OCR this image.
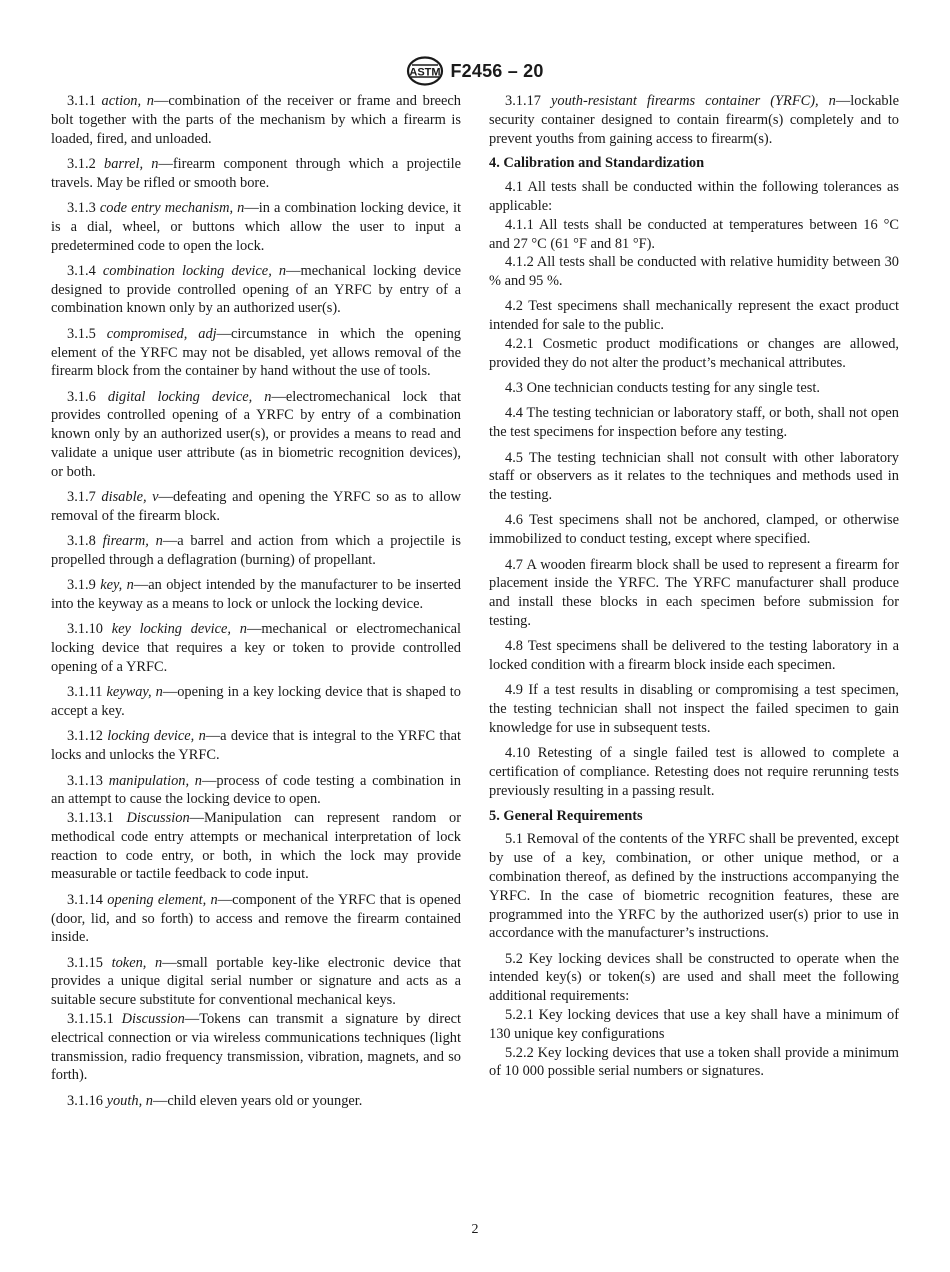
ASTM F2456 – 20

3.1.1 action, n—combination of the receiver or frame and breech bolt together with the parts of the mechanism by which a firearm is loaded, fired, and unloaded.

3.1.2 barrel, n—firearm component through which a projectile travels. May be rifled or smooth bore.

3.1.3 code entry mechanism, n—in a combination locking device, it is a dial, wheel, or buttons which allow the user to input a predetermined code to open the lock.

3.1.4 combination locking device, n—mechanical locking device designed to provide controlled opening of an YRFC by entry of a combination known only by an authorized user(s).

3.1.5 compromised, adj—circumstance in which the opening element of the YRFC may not be disabled, yet allows removal of the firearm block from the container by hand without the use of tools.

3.1.6 digital locking device, n—electromechanical lock that provides controlled opening of a YRFC by entry of a combination known only by an authorized user(s), or provides a means to read and validate a unique user attribute (as in biometric recognition devices), or both.

3.1.7 disable, v—defeating and opening the YRFC so as to allow removal of the firearm block.

3.1.8 firearm, n—a barrel and action from which a projectile is propelled through a deflagration (burning) of propellant.

3.1.9 key, n—an object intended by the manufacturer to be inserted into the keyway as a means to lock or unlock the locking device.

3.1.10 key locking device, n—mechanical or electromechanical locking device that requires a key or token to provide controlled opening of a YRFC.

3.1.11 keyway, n—opening in a key locking device that is shaped to accept a key.

3.1.12 locking device, n—a device that is integral to the YRFC that locks and unlocks the YRFC.

3.1.13 manipulation, n—process of code testing a combination in an attempt to cause the locking device to open.

3.1.13.1 Discussion—Manipulation can represent random or methodical code entry attempts or mechanical interpretation of lock reaction to code entry, or both, in which the lock may provide measurable or tactile feedback to code input.

3.1.14 opening element, n—component of the YRFC that is opened (door, lid, and so forth) to access and remove the firearm contained inside.

3.1.15 token, n—small portable key-like electronic device that provides a unique digital serial number or signature and acts as a suitable secure substitute for conventional mechanical keys.

3.1.15.1 Discussion—Tokens can transmit a signature by direct electrical connection or via wireless communications techniques (light transmission, radio frequency transmission, vibration, magnets, and so forth).

3.1.16 youth, n—child eleven years old or younger.

3.1.17 youth-resistant firearms container (YRFC), n—lockable security container designed to contain firearm(s) completely and to prevent youths from gaining access to firearm(s).

4. Calibration and Standardization

4.1 All tests shall be conducted within the following tolerances as applicable:

4.1.1 All tests shall be conducted at temperatures between 16 °C and 27 °C (61 °F and 81 °F).

4.1.2 All tests shall be conducted with relative humidity between 30 % and 95 %.

4.2 Test specimens shall mechanically represent the exact product intended for sale to the public.

4.2.1 Cosmetic product modifications or changes are allowed, provided they do not alter the product’s mechanical attributes.

4.3 One technician conducts testing for any single test.

4.4 The testing technician or laboratory staff, or both, shall not open the test specimens for inspection before any testing.

4.5 The testing technician shall not consult with other laboratory staff or observers as it relates to the techniques and methods used in the testing.

4.6 Test specimens shall not be anchored, clamped, or otherwise immobilized to conduct testing, except where specified.

4.7 A wooden firearm block shall be used to represent a firearm for placement inside the YRFC. The YRFC manufacturer shall produce and install these blocks in each specimen before submission for testing.

4.8 Test specimens shall be delivered to the testing laboratory in a locked condition with a firearm block inside each specimen.

4.9 If a test results in disabling or compromising a test specimen, the testing technician shall not inspect the failed specimen to gain knowledge for use in subsequent tests.

4.10 Retesting of a single failed test is allowed to complete a certification of compliance. Retesting does not require rerunning tests previously resulting in a passing result.

5. General Requirements

5.1 Removal of the contents of the YRFC shall be prevented, except by use of a key, combination, or other unique method, or a combination thereof, as defined by the instructions accompanying the YRFC. In the case of biometric recognition features, these are programmed into the YRFC by the authorized user(s) prior to use in accordance with the manufacturer’s instructions.

5.2 Key locking devices shall be constructed to operate when the intended key(s) or token(s) are used and shall meet the following additional requirements:

5.2.1 Key locking devices that use a key shall have a minimum of 130 unique key configurations

5.2.2 Key locking devices that use a token shall provide a minimum of 10 000 possible serial numbers or signatures.

2
